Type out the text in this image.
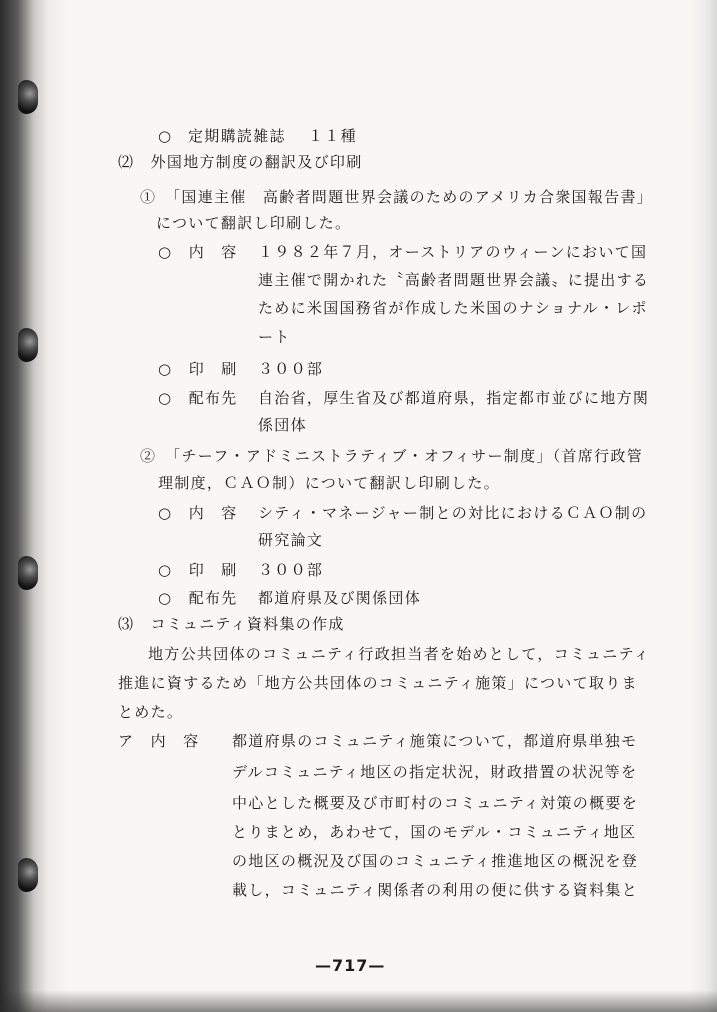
○ 定期購読雑誌 １１種
⑵　外国地方制度の翻訳及び印刷
①　「国連主催　高齢者問題世界会議のためのアメリカ合衆国報告書」
について翻訳し印刷した。
○　内　容 １９８２年７月，オーストリアのウィーンにおいて国
連主催で開かれた〝高齢者問題世界会議〟に提出する
ために米国国務省が作成した米国のナショナル・レポ
ート
○　印　刷 ３００部
○　配布先 自治省，厚生省及び都道府県，指定都市並びに地方関
係団体
②　「チーフ・アドミニストラティブ・オフィサー制度」（首席行政管
理制度，ＣＡＯ制）について翻訳し印刷した。
○　内　容 シティ・マネージャー制との対比におけるＣＡＯ制の
研究論文
○　印　刷 ３００部
○　配布先 都道府県及び関係団体
⑶　コミュニティ資料集の作成
地方公共団体のコミュニティ行政担当者を始めとして，コミュニティ
推進に資するため「地方公共団体のコミュニティ施策」について取りま
とめた。
ア　内　容 都道府県のコミュニティ施策について，都道府県単独モ
デルコミュニティ地区の指定状況，財政措置の状況等を
中心とした概要及び市町村のコミュニティ対策の概要を
とりまとめ，あわせて，国のモデル・コミュニティ地区
の地区の概況及び国のコミュニティ推進地区の概況を登
載し，コミュニティ関係者の利用の便に供する資料集と
—717—
